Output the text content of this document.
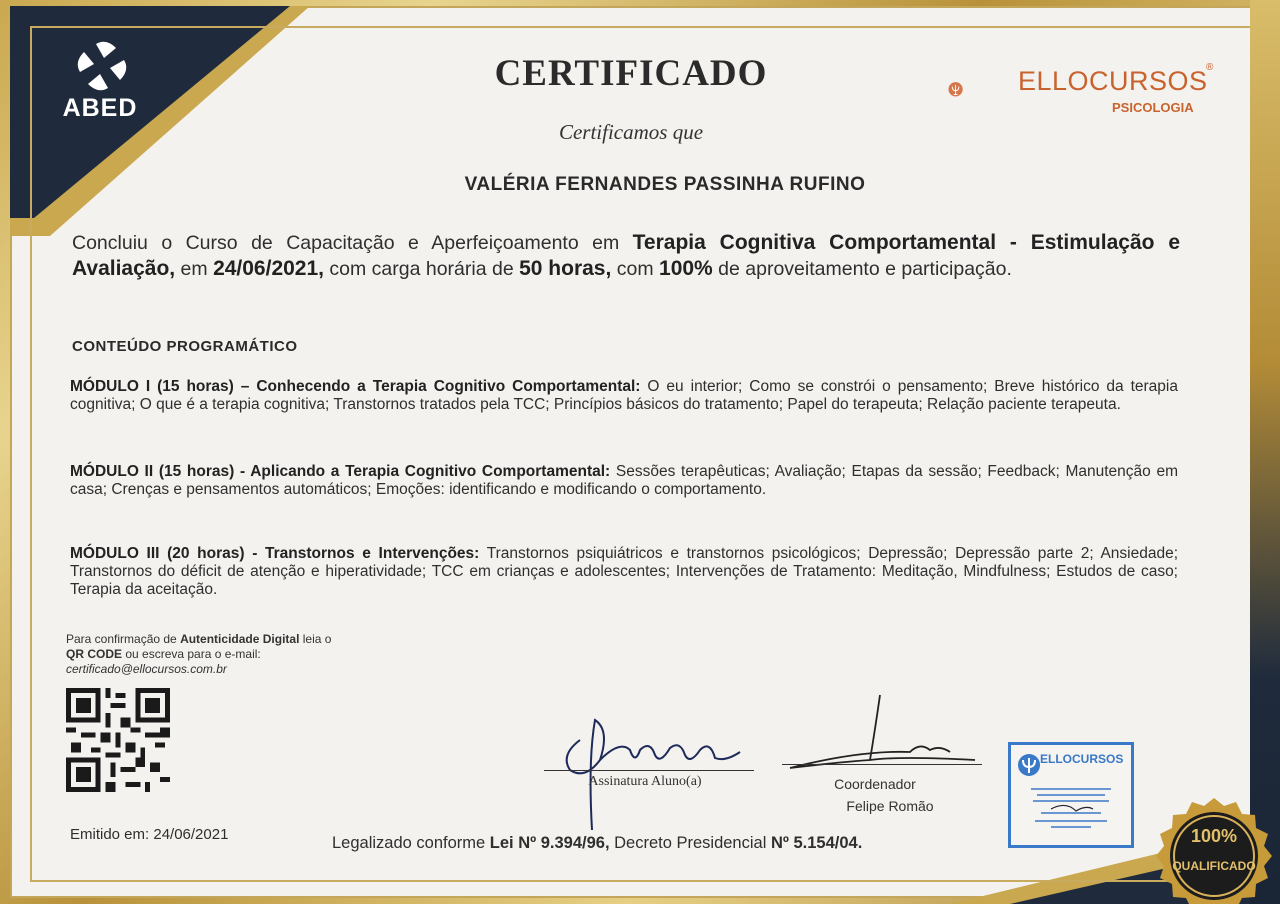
ABED
CERTIFICADO
Certificamos que
ELLOCURSOS
®
PSICOLOGIA
VALÉRIA FERNANDES PASSINHA RUFINO
Concluiu o Curso de Capacitação e Aperfeiçoamento em Terapia Cognitiva Comportamental - Estimulação e Avaliação, em 24/06/2021, com carga horária de 50 horas, com 100% de aproveitamento e participação.
CONTEÚDO PROGRAMÁTICO
MÓDULO I (15 horas) – Conhecendo a Terapia Cognitivo Comportamental: O eu interior; Como se constrói o pensamento; Breve histórico da terapia cognitiva; O que é a terapia cognitiva; Transtornos tratados pela TCC; Princípios básicos do tratamento; Papel do terapeuta; Relação paciente terapeuta.
MÓDULO II (15 horas) - Aplicando a Terapia Cognitivo Comportamental: Sessões terapêuticas; Avaliação; Etapas da sessão; Feedback; Manutenção em casa; Crenças e pensamentos automáticos; Emoções: identificando e modificando o comportamento.
MÓDULO III (20 horas) - Transtornos e Intervenções: Transtornos psiquiátricos e transtornos psicológicos; Depressão; Depressão parte 2; Ansiedade; Transtornos do déficit de atenção e hiperatividade; TCC em crianças e adolescentes; Intervenções de Tratamento: Meditação, Mindfulness; Estudos de caso; Terapia da aceitação.
Para confirmação de Autenticidade Digital leia o
QR CODE ou escreva para o e-mail:
certificado@ellocursos.com.br
Emitido em: 24/06/2021	Legalizado conforme Lei Nº 9.394/96, Decreto Presidencial Nº 5.154/04.
Assinatura Aluno(a)	Coordenador
Felipe Romão
ELLOCURSOS
100%
QUALIFICADO
